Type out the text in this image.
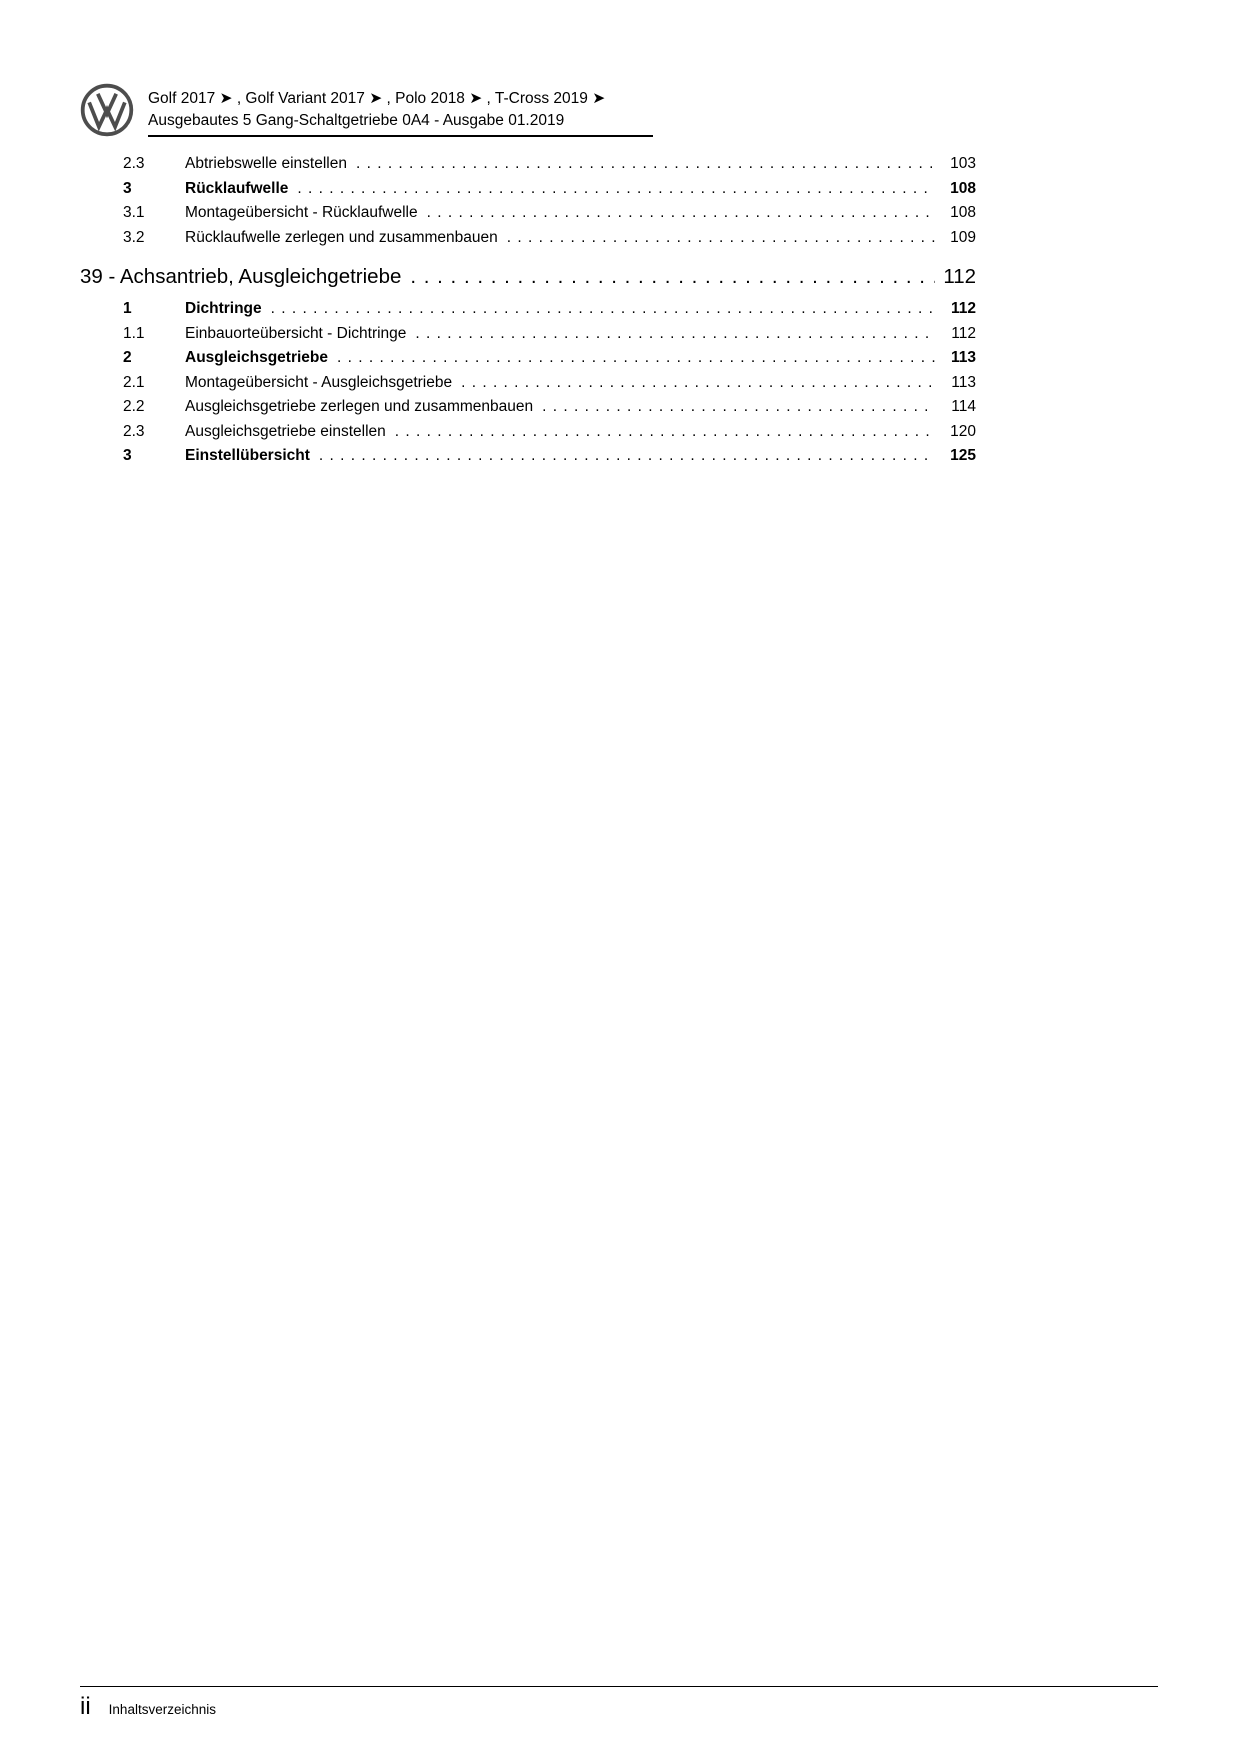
Golf 2017 ➤ , Golf Variant 2017 ➤ , Polo 2018 ➤ , T-Cross 2019 ➤
Ausgebautes 5 Gang-Schaltgetriebe 0A4 - Ausgabe 01.2019
2.3	Abtriebswelle einstellen . . .	103
3	Rücklaufwelle . . .	108
3.1	Montageübersicht - Rücklaufwelle . . .	108
3.2	Rücklaufwelle zerlegen und zusammenbauen . . .	109
39 - Achsantrieb, Ausgleichgetriebe . . .	112
1	Dichtringe . . .	112
1.1	Einbauorteübersicht - Dichtringe . . .	112
2	Ausgleichsgetriebe . . .	113
2.1	Montageübersicht - Ausgleichsgetriebe . . .	113
2.2	Ausgleichsgetriebe zerlegen und zusammenbauen . . .	114
2.3	Ausgleichsgetriebe einstellen . . .	120
3	Einstellübersicht . . .	125
ii Inhaltsverzeichnis
